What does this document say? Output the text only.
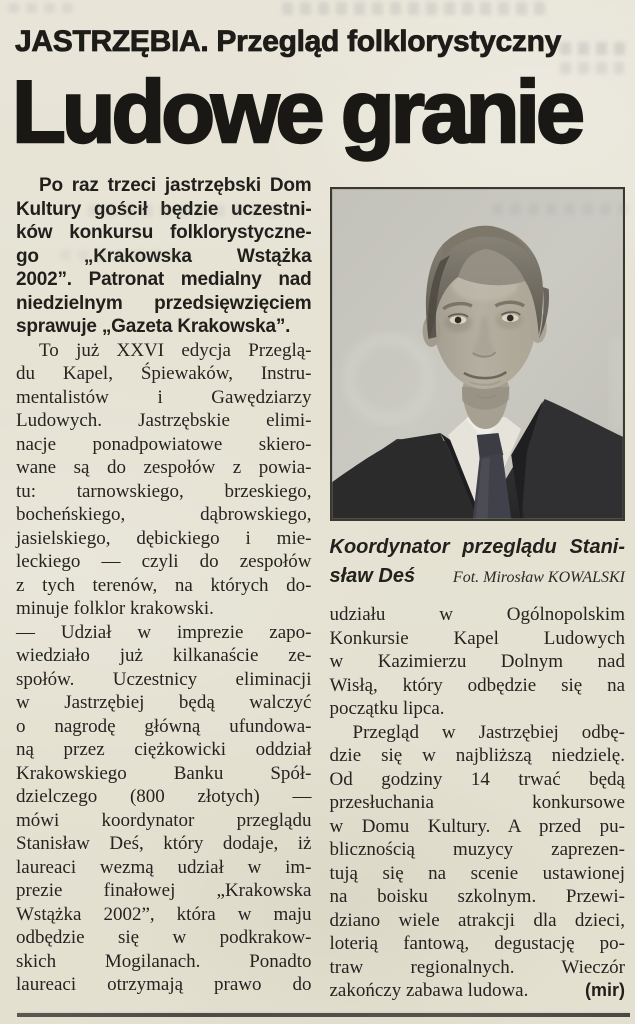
JASTRZĘBIA. Przegląd folklorystyczny
Ludowe granie
Po raz trzeci jastrzębski Dom
Kultury gościł będzie uczestni-
ków konkursu folklorystyczne-
go „Krakowska Wstążka
2002”. Patronat medialny nad
niedzielnym przedsięwzięciem
sprawuje „Gazeta Krakowska”.
To już XXVI edycja Przeglą-
du Kapel, Śpiewaków, Instru-
mentalistów i Gawędziarzy
Ludowych. Jastrzębskie elimi-
nacje ponadpowiatowe skiero-
wane są do zespołów z powia-
tu: tarnowskiego, brzeskiego,
bocheńskiego, dąbrowskiego,
jasielskiego, dębickiego i mie-
leckiego — czyli do zespołów
z tych terenów, na których do-
minuje folklor krakowski.
— Udział w imprezie zapo-
wiedziało już kilkanaście ze-
społów. Uczestnicy eliminacji
w Jastrzębiej będą walczyć
o nagrodę główną ufundowa-
ną przez ciężkowicki oddział
Krakowskiego Banku Spół-
dzielczego (800 złotych) —
mówi koordynator przeglądu
Stanisław Deś, który dodaje, iż
laureaci wezmą udział w im-
prezie finałowej „Krakowska
Wstążka 2002”, która w maju
odbędzie się w podkrakow-
skich Mogilanach. Ponadto
laureaci otrzymają prawo do
Koordynator przeglądu Stani-
sław Deś Fot. Mirosław KOWALSKI
udziału w Ogólnopolskim
Konkursie Kapel Ludowych
w Kazimierzu Dolnym nad
Wisłą, który odbędzie się na
początku lipca.
Przegląd w Jastrzębiej odbę-
dzie się w najbliższą niedzielę.
Od godziny 14 trwać będą
przesłuchania konkursowe
w Domu Kultury. A przed pu-
blicznością muzycy zaprezen-
tują się na scenie ustawionej
na boisku szkolnym. Przewi-
dziano wiele atrakcji dla dzieci,
loterią fantową, degustację po-
traw regionalnych. Wieczór
zakończy zabawa ludowa.	(mir)
